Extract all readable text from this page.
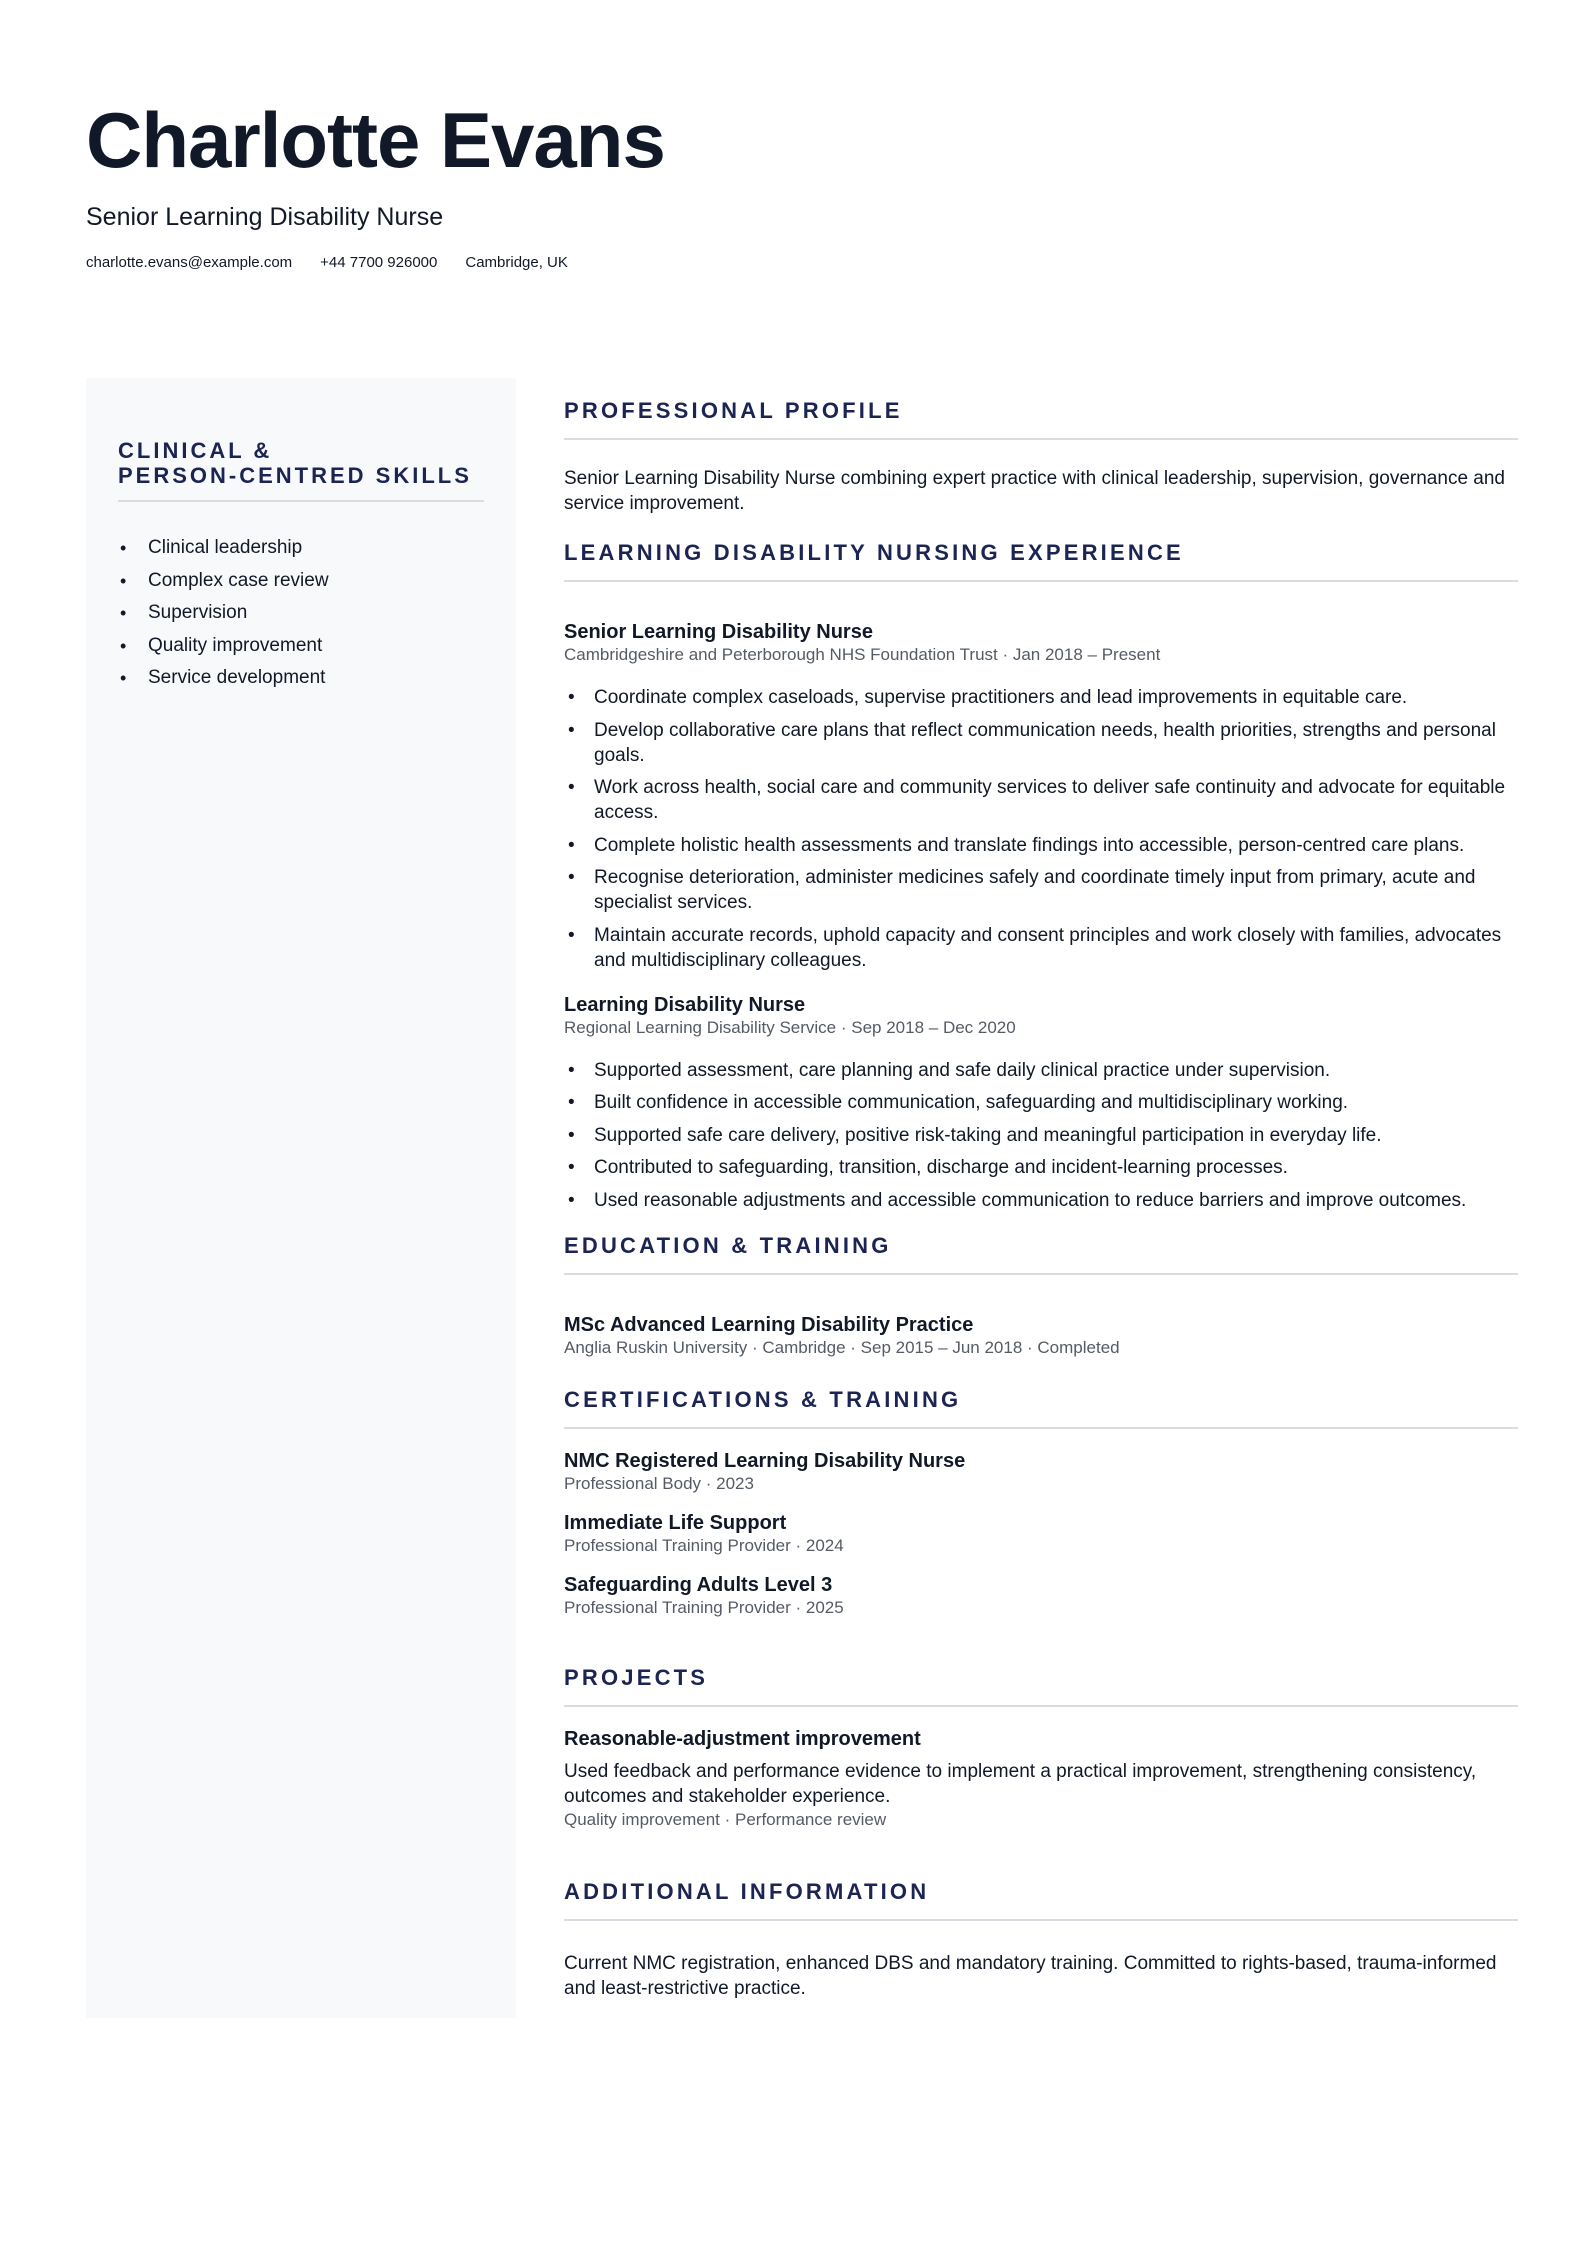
Charlotte Evans
Senior Learning Disability Nurse
charlotte.evans@example.com +44 7700 926000 Cambridge, UK
CLINICAL &
PERSON-CENTRED SKILLS
• Clinical leadership
• Complex case review
• Supervision
• Quality improvement
• Service development
PROFESSIONAL PROFILE
Senior Learning Disability Nurse combining expert practice with clinical leadership, supervision, governance and service improvement.
LEARNING DISABILITY NURSING EXPERIENCE
Senior Learning Disability Nurse
Cambridgeshire and Peterborough NHS Foundation Trust · Jan 2018 – Present
• Coordinate complex caseloads, supervise practitioners and lead improvements in equitable care.
• Develop collaborative care plans that reflect communication needs, health priorities, strengths and personal goals.
• Work across health, social care and community services to deliver safe continuity and advocate for equitable access.
• Complete holistic health assessments and translate findings into accessible, person-centred care plans.
• Recognise deterioration, administer medicines safely and coordinate timely input from primary, acute and specialist services.
• Maintain accurate records, uphold capacity and consent principles and work closely with families, advocates and multidisciplinary colleagues.
Learning Disability Nurse
Regional Learning Disability Service · Sep 2018 – Dec 2020
• Supported assessment, care planning and safe daily clinical practice under supervision.
• Built confidence in accessible communication, safeguarding and multidisciplinary working.
• Supported safe care delivery, positive risk-taking and meaningful participation in everyday life.
• Contributed to safeguarding, transition, discharge and incident-learning processes.
• Used reasonable adjustments and accessible communication to reduce barriers and improve outcomes.
EDUCATION & TRAINING
MSc Advanced Learning Disability Practice
Anglia Ruskin University · Cambridge · Sep 2015 – Jun 2018 · Completed
CERTIFICATIONS & TRAINING
NMC Registered Learning Disability Nurse
Professional Body · 2023
Immediate Life Support
Professional Training Provider · 2024
Safeguarding Adults Level 3
Professional Training Provider · 2025
PROJECTS
Reasonable-adjustment improvement
Used feedback and performance evidence to implement a practical improvement, strengthening consistency, outcomes and stakeholder experience.
Quality improvement · Performance review
ADDITIONAL INFORMATION
Current NMC registration, enhanced DBS and mandatory training. Committed to rights-based, trauma-informed and least-restrictive practice.
